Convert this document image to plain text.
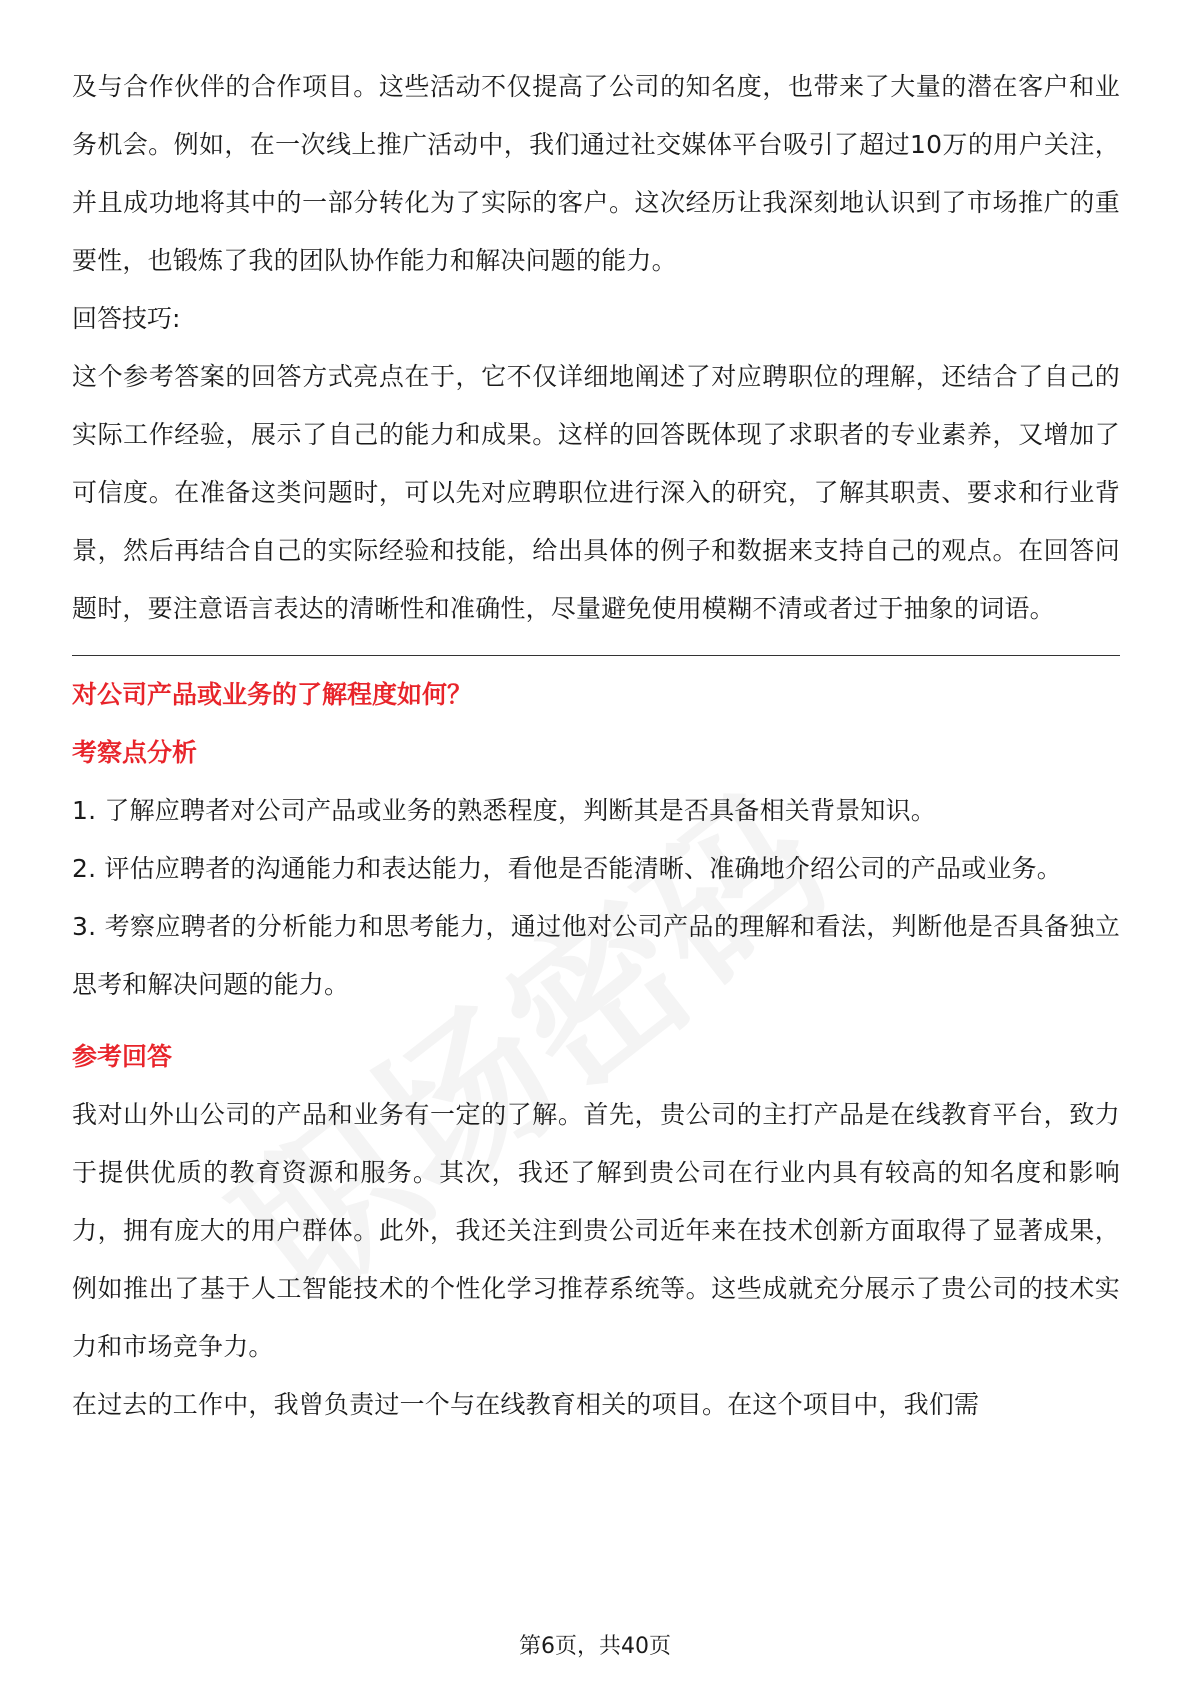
及与合作伙伴的合作项目。这些活动不仅提高了公司的知名度，也带来了大量的潜在客户和业务机会。例如，在一次线上推广活动中，我们通过社交媒体平台吸引了超过10万的用户关注，并且成功地将其中的一部分转化为了实际的客户。这次经历让我深刻地认识到了市场推广的重要性，也锻炼了我的团队协作能力和解决问题的能力。

回答技巧:

这个参考答案的回答方式亮点在于，它不仅详细地阐述了对应聘职位的理解，还结合了自己的实际工作经验，展示了自己的能力和成果。这样的回答既体现了求职者的专业素养，又增加了可信度。在准备这类问题时，可以先对应聘职位进行深入的研究，了解其职责、要求和行业背景，然后再结合自己的实际经验和技能，给出具体的例子和数据来支持自己的观点。在回答问题时，要注意语言表达的清晰性和准确性，尽量避免使用模糊不清或者过于抽象的词语。

对公司产品或业务的了解程度如何？

考察点分析

1. 了解应聘者对公司产品或业务的熟悉程度，判断其是否具备相关背景知识。

2. 评估应聘者的沟通能力和表达能力，看他是否能清晰、准确地介绍公司的产品或业务。

3. 考察应聘者的分析能力和思考能力，通过他对公司产品的理解和看法，判断他是否具备独立思考和解决问题的能力。

参考回答

我对山外山公司的产品和业务有一定的了解。首先，贵公司的主打产品是在线教育平台，致力于提供优质的教育资源和服务。其次，我还了解到贵公司在行业内具有较高的知名度和影响力，拥有庞大的用户群体。此外，我还关注到贵公司近年来在技术创新方面取得了显著成果，例如推出了基于人工智能技术的个性化学习推荐系统等。这些成就充分展示了贵公司的技术实力和市场竞争力。

在过去的工作中，我曾负责过一个与在线教育相关的项目。在这个项目中，我们需

第6页，共40页
